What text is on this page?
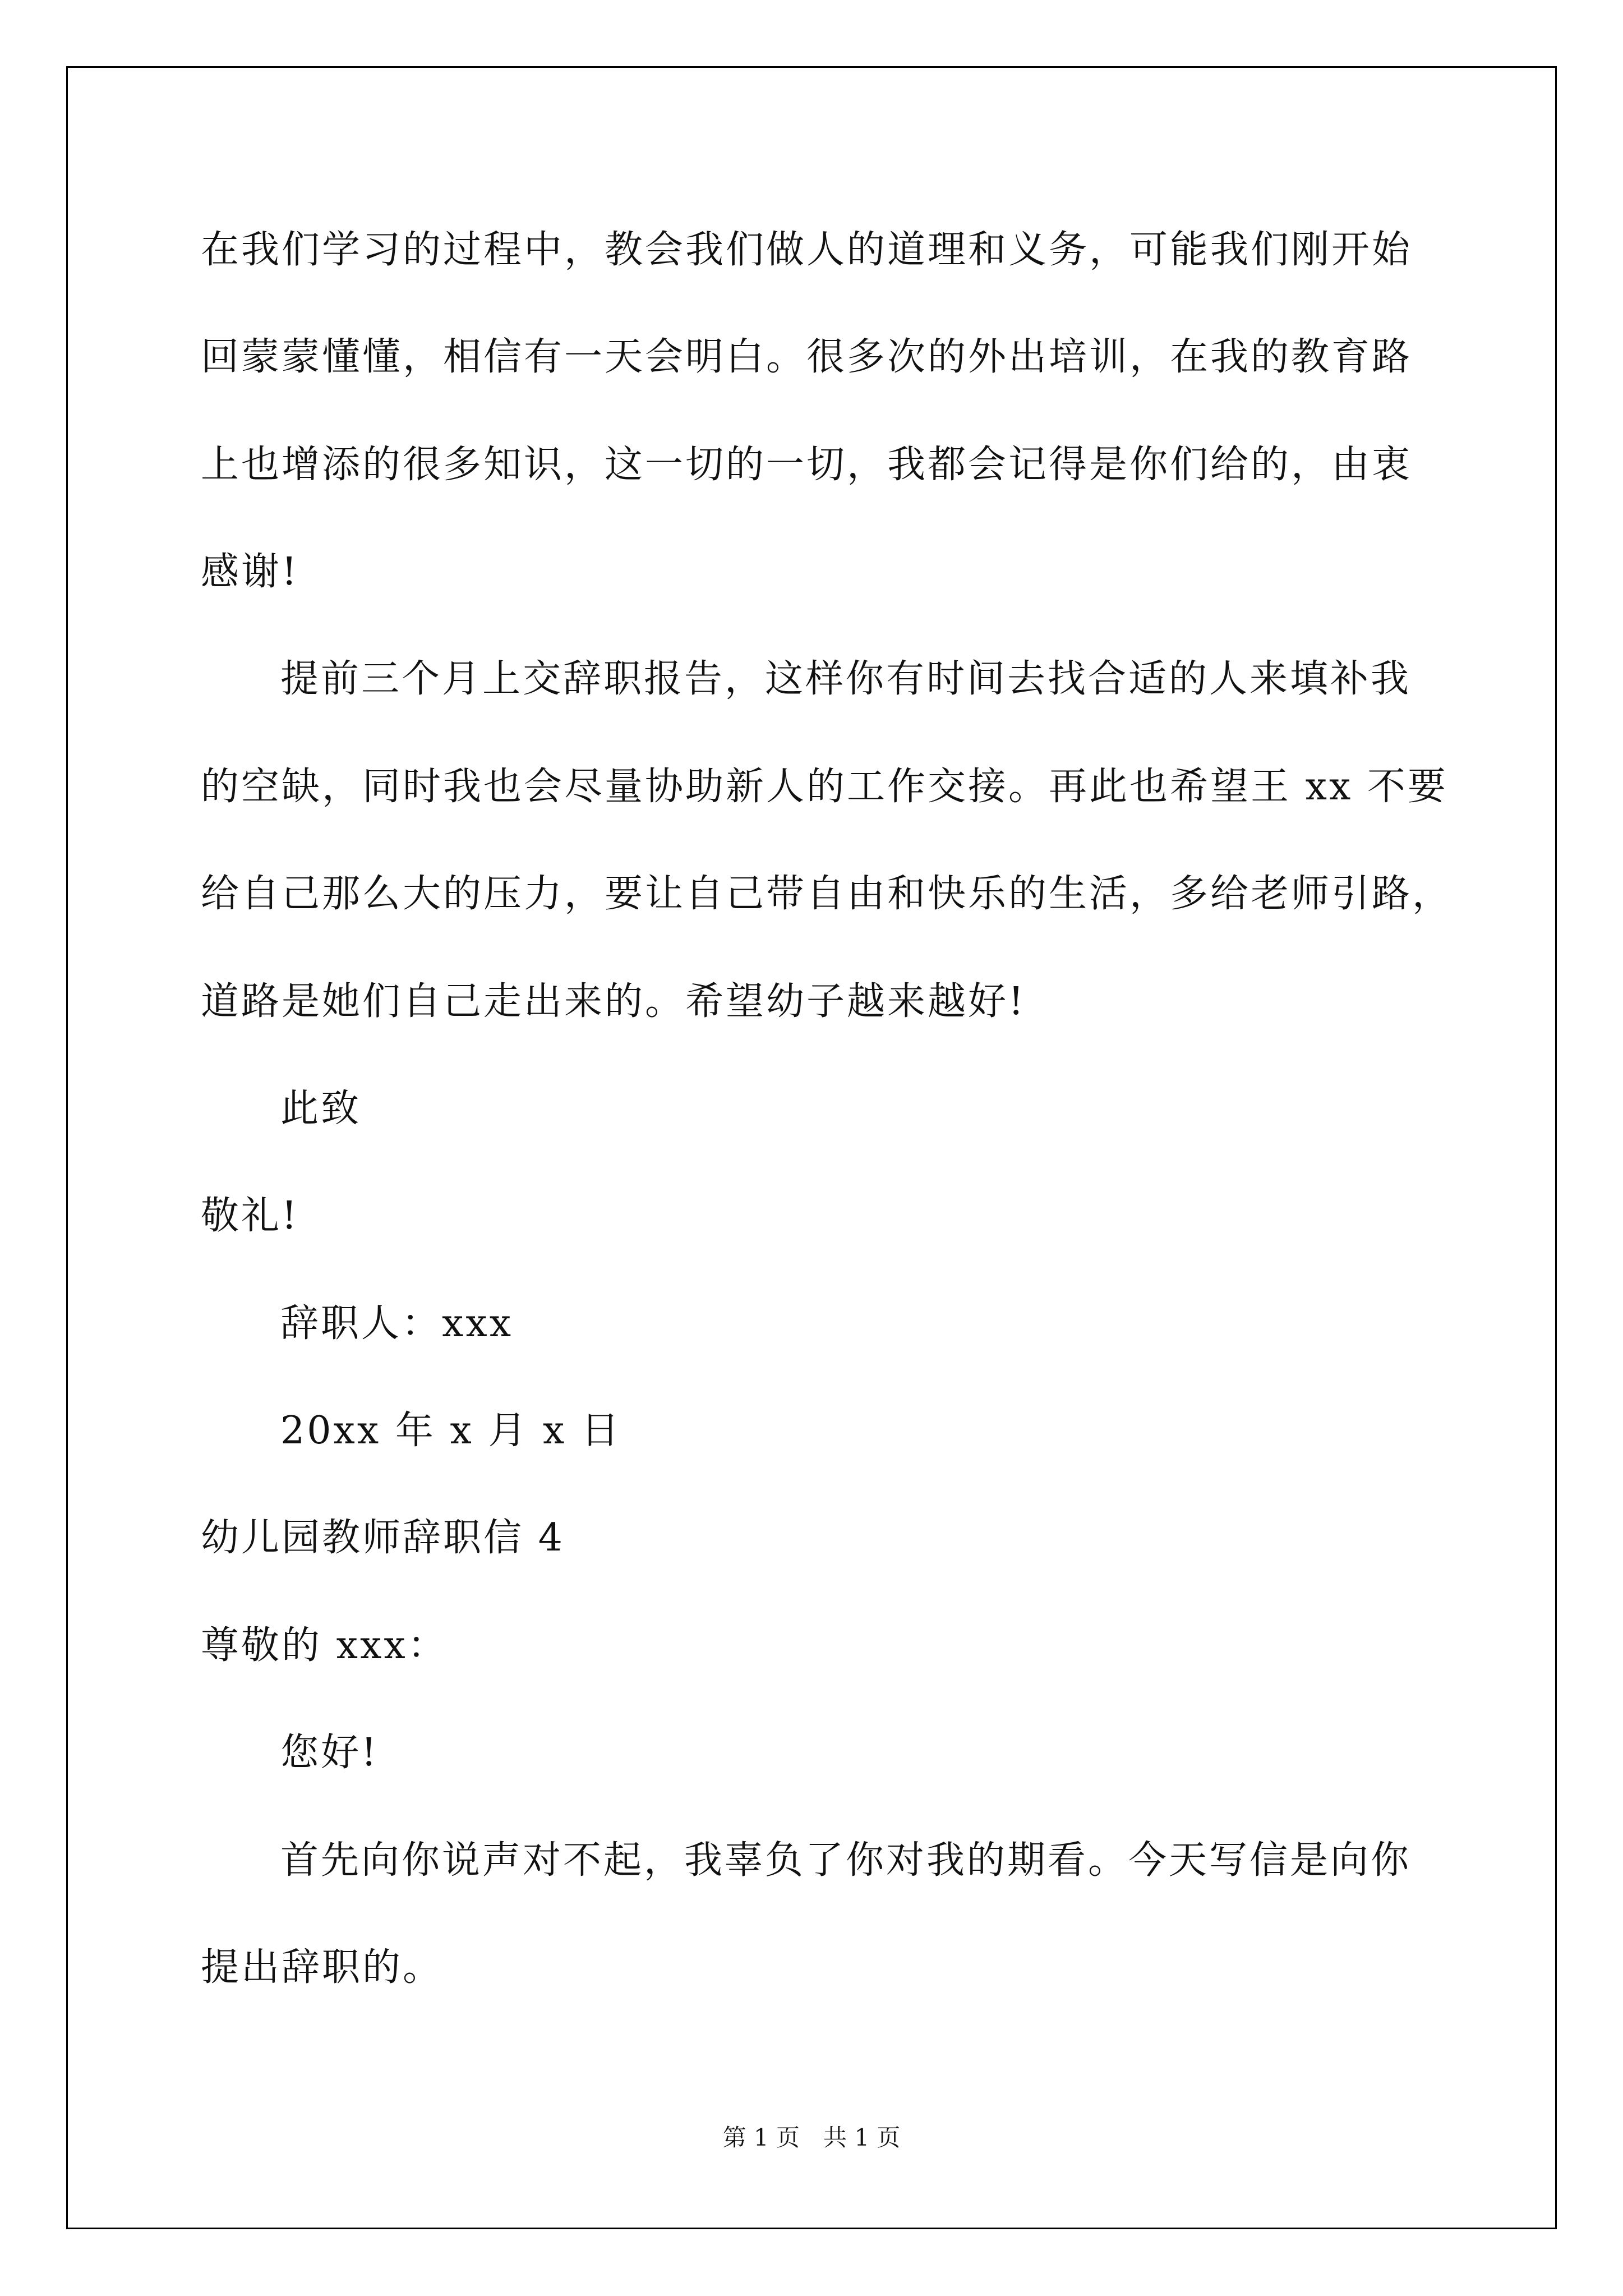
在我们学习的过程中，教会我们做人的道理和义务，可能我们刚开始
回蒙蒙懂懂，相信有一天会明白。很多次的外出培训，在我的教育路
上也增添的很多知识，这一切的一切，我都会记得是你们给的，由衷
感谢!
提前三个月上交辞职报告，这样你有时间去找合适的人来填补我
的空缺，同时我也会尽量协助新人的工作交接。再此也希望王 xx 不要
给自己那么大的压力，要让自己带自由和快乐的生活，多给老师引路，
道路是她们自己走出来的。希望幼子越来越好!
此致
敬礼!
辞职人：xxx
20xx 年 x 月 x 日
幼儿园教师辞职信 4
尊敬的 xxx：
您好!
首先向你说声对不起，我辜负了你对我的期看。今天写信是向你
提出辞职的。
第 1 页　共 1 页
